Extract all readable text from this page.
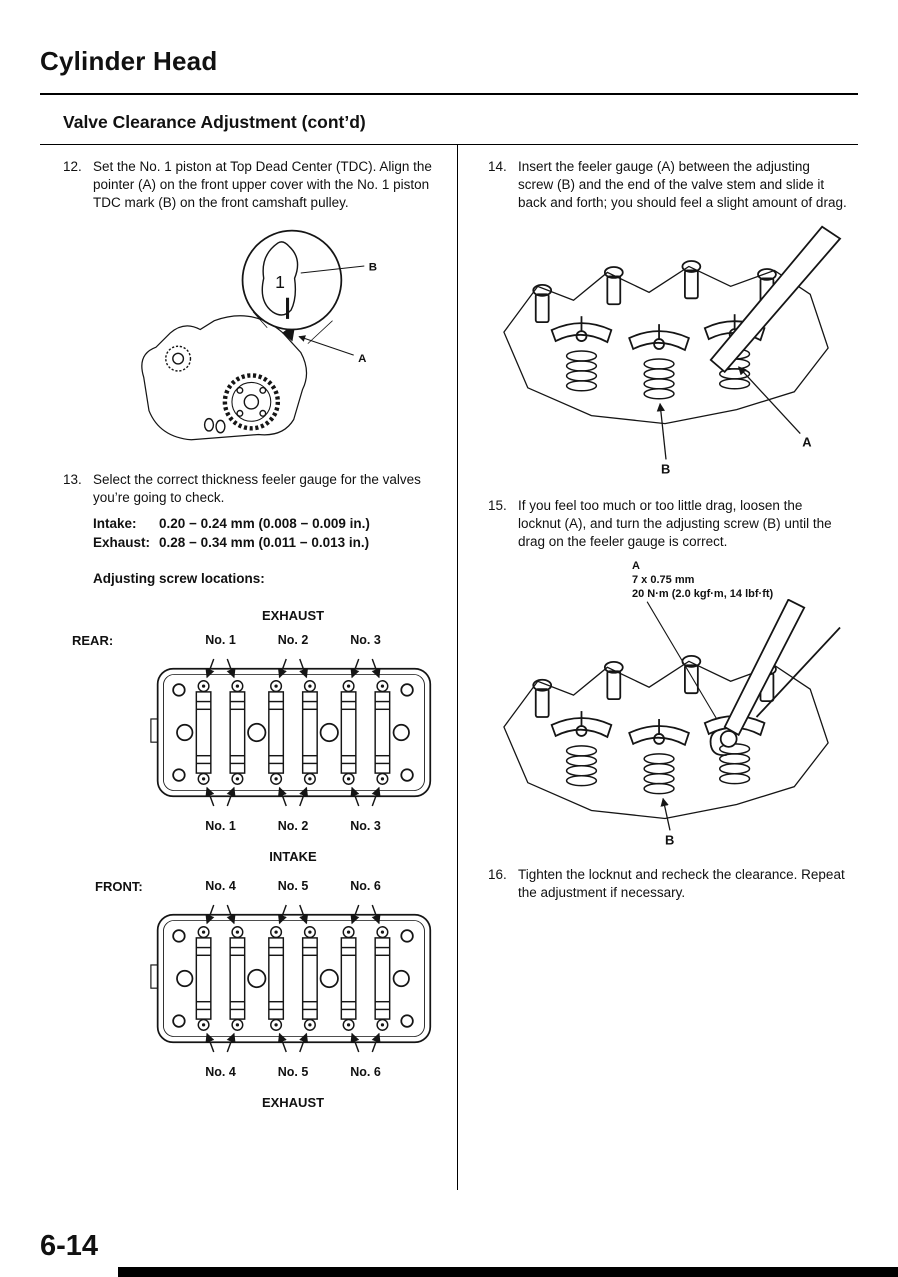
Cylinder Head
Valve Clearance Adjustment (cont’d)
12. Set the No. 1 piston at Top Dead Center (TDC). Align the pointer (A) on the front upper cover with the No. 1 piston TDC mark (B) on the front camshaft pulley.
1
B
A
13. Select the correct thickness feeler gauge for the valves you’re going to check.
Intake:	0.20 − 0.24 mm (0.008 − 0.009 in.)
Exhaust: 0.28 − 0.34 mm (0.011 − 0.013 in.)
Adjusting screw locations:
EXHAUST
REAR:	No. 1	No. 2	No. 3
No. 1	No. 2	No. 3
INTAKE
FRONT:	No. 4	No. 5	No. 6
No. 4	No. 5	No. 6
EXHAUST
14. Insert the feeler gauge (A) between the adjusting screw (B) and the end of the valve stem and slide it back and forth; you should feel a slight amount of drag.
A
B
15. If you feel too much or too little drag, loosen the locknut (A), and turn the adjusting screw (B) until the drag on the feeler gauge is correct.
A
7 x 0.75 mm
20 N·m (2.0 kgf·m, 14 lbf·ft)
B
16. Tighten the locknut and recheck the clearance. Repeat the adjustment if necessary.
6-14
